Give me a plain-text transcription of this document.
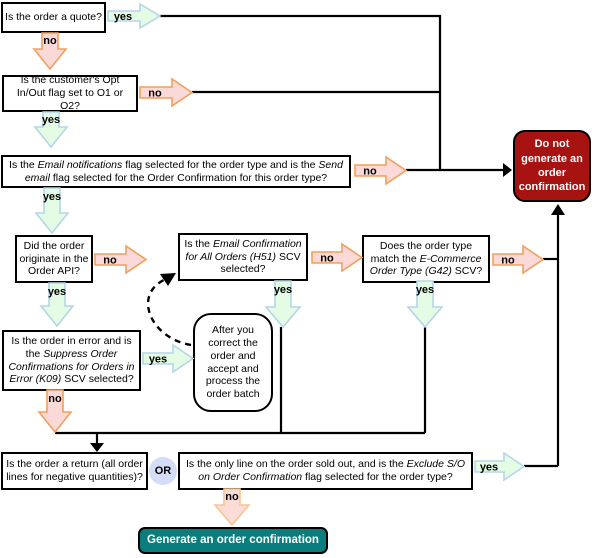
Is the order a quote?
Is the customer's Opt In/Out flag set to O1 or O2?
Is the Email notifications flag selected for the order type and is the Send email flag selected for the Order Confirmation for this order type?
Did the order originate in the Order API?
Is the order in error and is the Suppress Order Confirmations for Orders in Error (K09) SCV selected?
After you correct the order and accept and process the order batch
Is the Email Confirmation for All Orders (H51) SCV selected?
Does the order type match the E-Commerce Order Type (G42) SCV?
Is the order a return (all order lines for negative quantities)?
Is the only line on the order sold out, and is the Exclude S/O on Order Confirmation flag selected for the order type?
OR
Do not generate an order confirmation
Generate an order confirmation
yes
no
no
yes
no
yes
no
yes
yes
no
no
yes
no
yes
yes
no
